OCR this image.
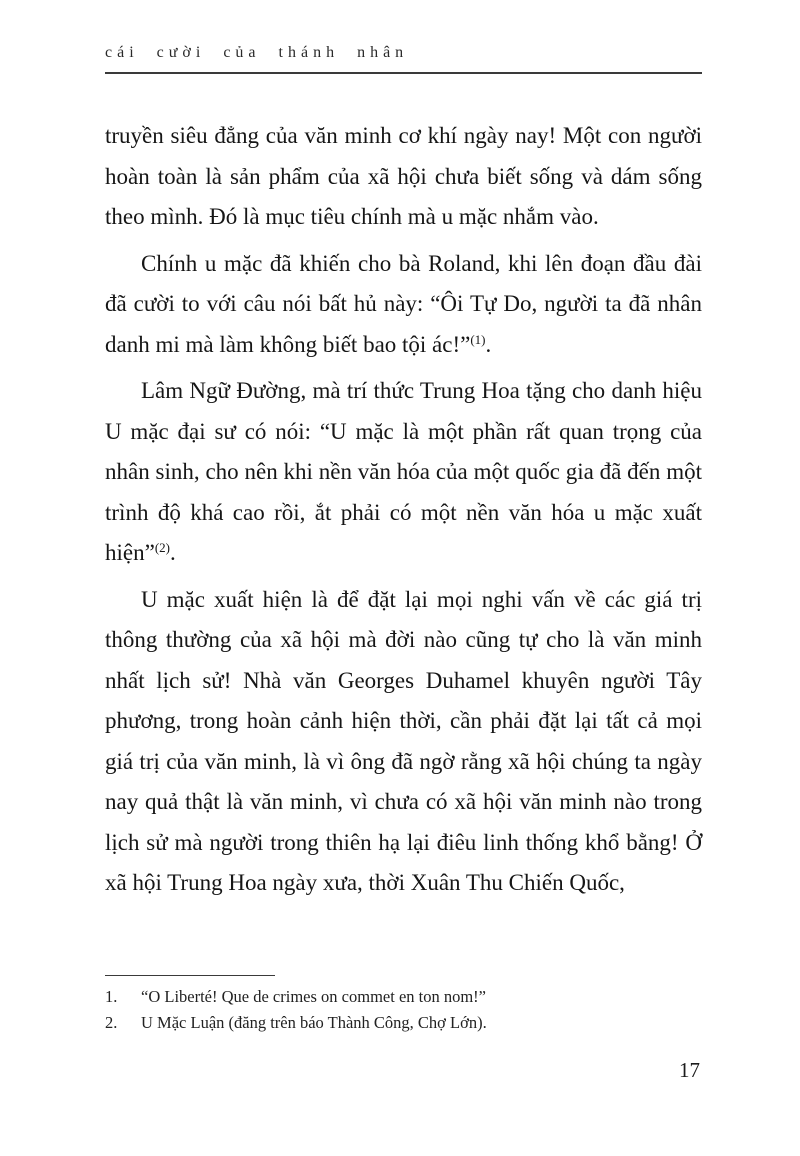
cái cười của thánh nhân

truyền siêu đẳng của văn minh cơ khí ngày nay! Một con người hoàn toàn là sản phẩm của xã hội chưa biết sống và dám sống theo mình. Đó là mục tiêu chính mà u mặc nhắm vào.

Chính u mặc đã khiến cho bà Roland, khi lên đoạn đầu đài đã cười to với câu nói bất hủ này: “Ôi Tự Do, người ta đã nhân danh mi mà làm không biết bao tội ác!”$^{(1)}$.

Lâm Ngữ Đường, mà trí thức Trung Hoa tặng cho danh hiệu U mặc đại sư có nói: “U mặc là một phần rất quan trọng của nhân sinh, cho nên khi nền văn hóa của một quốc gia đã đến một trình độ khá cao rồi, ắt phải có một nền văn hóa u mặc xuất hiện”$^{(2)}$.

U mặc xuất hiện là để đặt lại mọi nghi vấn về các giá trị thông thường của xã hội mà đời nào cũng tự cho là văn minh nhất lịch sử! Nhà văn Georges Duhamel khuyên người Tây phương, trong hoàn cảnh hiện thời, cần phải đặt lại tất cả mọi giá trị của văn minh, là vì ông đã ngờ rằng xã hội chúng ta ngày nay quả thật là văn minh, vì chưa có xã hội văn minh nào trong lịch sử mà người trong thiên hạ lại điêu linh thống khổ bằng! Ở xã hội Trung Hoa ngày xưa, thời Xuân Thu Chiến Quốc,

1.	“O Liberté! Que de crimes on commet en ton nom!”
2.	U Mặc Luận (đăng trên báo Thành Công, Chợ Lớn).
17
